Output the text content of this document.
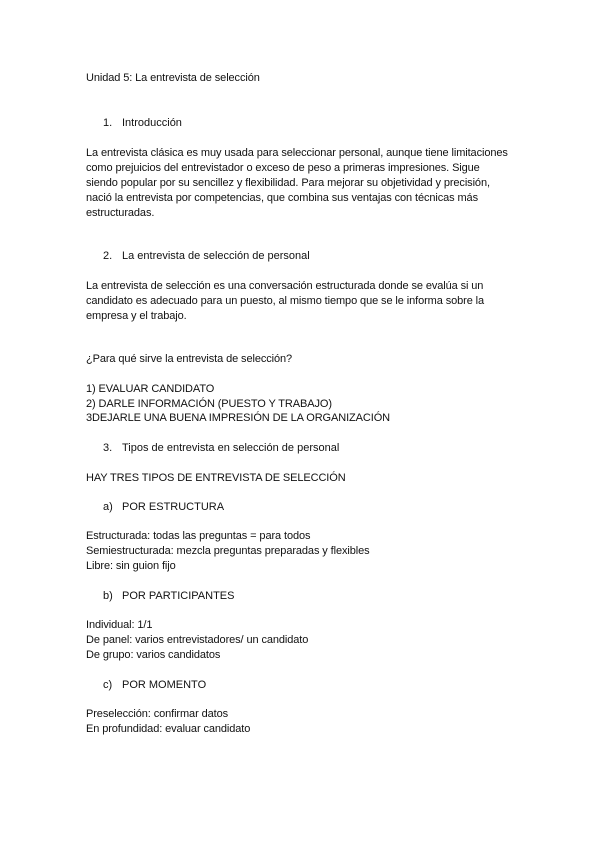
Unidad 5: La entrevista de selección
1. Introducción
La entrevista clásica es muy usada para seleccionar personal, aunque tiene limitaciones
como prejuicios del entrevistador o exceso de peso a primeras impresiones. Sigue
siendo popular por su sencillez y flexibilidad. Para mejorar su objetividad y precisión,
nació la entrevista por competencias, que combina sus ventajas con técnicas más
estructuradas.
2. La entrevista de selección de personal
La entrevista de selección es una conversación estructurada donde se evalúa si un
candidato es adecuado para un puesto, al mismo tiempo que se le informa sobre la
empresa y el trabajo.
¿Para qué sirve la entrevista de selección?
1) EVALUAR CANDIDATO
2) DARLE INFORMACIÓN (PUESTO Y TRABAJO)
3DEJARLE UNA BUENA IMPRESIÓN DE LA ORGANIZACIÓN
3. Tipos de entrevista en selección de personal
HAY TRES TIPOS DE ENTREVISTA DE SELECCIÓN
a) POR ESTRUCTURA
Estructurada: todas las preguntas = para todos
Semiestructurada: mezcla preguntas preparadas y flexibles
Libre: sin guion fijo
b) POR PARTICIPANTES
Individual: 1/1
De panel: varios entrevistadores/ un candidato
De grupo: varios candidatos
c) POR MOMENTO
Preselección: confirmar datos
En profundidad: evaluar candidato
